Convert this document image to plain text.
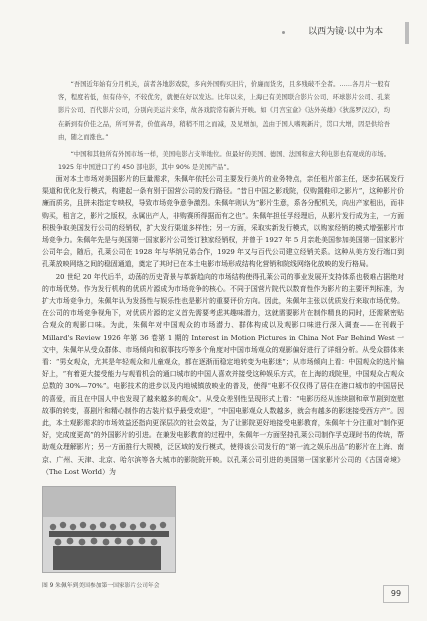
以西为镜·以中为本

“吾国近年始有分月机关，前者各地影戏院，多向外国购买旧片，价廉而货劣，且多残破不全者。……各月片一般有客，程度若低，但有侍卒，不较优劣，就便在好以发达。比年以来，上海已有美国联合影片公司、环球影片公司、孔莱影片公司、百代影片公司，分别向美运片来华，故各戏院常有新片开映。如《月宫宝盒》《达外英雄》《狄荡罗汉汉》，均在新到有价佳之品，所可异者，价值高昂，稍稍不用之而减，及见增加，盖由于国人嗜观新片，贯口大增，因是供给吾由，随之而涨也。”

“中国和其他所有外国市场一样，美国电影占支举地位。但最好的美国、德国、法国和意大利电影也有观成的市场。1925 年中国进口了约 450 部电影，其中 90% 是美国产品”。

面对本土市场对美国影片的巨量需求，朱佩年依托公司主要发行美片的业务特点，亲任租片部主任，逐步拓展发行渠道和优化发行模式，构建起一条有别于国营公司的发行路径。“昔日中国之影戏院，仅购置鞋印之影片”，这种影片价廉而质劣，且拼未指定专映权，导致市场竞争意争激烈。朱佩年则认为“影片生意，系各分配机关，向出产家租出，而非购买，租言之，影片之版权，永属出产人，非购赛所得据而有之也”。朱佩年担任孚经理后，从影片发行成为主，一方面积极争取美国发行公司的经销权，扩大发行渠道多样性；另一方面，采取实新发行模式，以购家经销的模式增强影片市场竞争力。朱佩年先是与美国第一国家影片公司签订独家经销权，并曾于 1927 年 5 月亲赴美国参加美国第一国家影片公司年会，随后，孔莱公司在 1928 年与华纳兄弟合作，1929 年又与百代公司建立经销关系。这种从美方发行端口到孔莱放映网络之间的稳固通道，奠定了其时已在本土电影市场形成结构化营销和院线网络化放映的发行格局。

20 世纪 20 年代后半，动荡的历史背景与革新趋向的市场结构使得孔莱公司的事业发展开支持体系也极难占据绝对的市场优势。作为发行机构的优质片源成为市场竞争的核心。不同于国营片院代以数育性作为影片的主要评判标准，为扩大市场竞争力，朱佩年认为发扬性与娱乐性也是影片的重要评价方向。因此，朱佩年主张以优质发行来取市场优势。在公司的市场竞争视角下，对优质片源的定义首先需要考虑其趣味潜力，这就需要影片在制作精良的同时，还需紧密贴合观众的观影口味。为此，朱佩年对中国观众的市场潜力、群体构成以及观影口味进行深入调查——在刊载于 Millard's Review 1926 年第 36 卷第 1 期的 Interest in Motion Pictures in China Not Far Behind West 一文中，朱佩年从受众群体、市场倾向和叙事技巧等多个角度对中国市场观众的观影偏好进行了详细分析。从受众群体来看：“男女观众，尤其是年轻观众和儿童观众，都在逐渐而稳定地转变为电影迷”；从市场倾向上看：中国观众的选片偏好上，“有着更大接受能力与观看机会的通口城市的中国人喜欢并接受这种娱乐方式，在上海的戏院里，中国观众占观众总数的 30%—70%”。电影技术的进步以及内地城镇放映业的普及，使得“电影不仅仅得了居住在港口城市的中国居民的喜爱，而且在中国人中也发现了越来越多的观众”。从受众差别性呈现形式上看：“电影历经从连续剧和章节剧到宽慰故事的转变，喜剧片和精心制作的古装片似乎最受欢迎”，“中国电影观众人数越多，就会有越多的影迷接受西方产”。因此，本土观影需求的市场效益还指向更深层次的社会效益，为了让影院更好地接受电影教育，朱佩年十分注重对“制作更好，完成度更高”的外国影片的引进。在兼发电影教育的过程中，朱佩年一方面坚持孔莱公司制作孚克现时书的传统，帮助观众理解影片；另一方面推行大规模，泛区域的发行模式，使得该公司发行的“第一流之娱乐出品”的影片在上海、南京、广州、天津、北京、哈尔滨等各大城市的影院院开映。以孔莱公司引进的美国第一国家影片公司的《古国奇境》（The Lost World）为

图 9 朱佩年到美国参加第一国家影片公司年会
99
